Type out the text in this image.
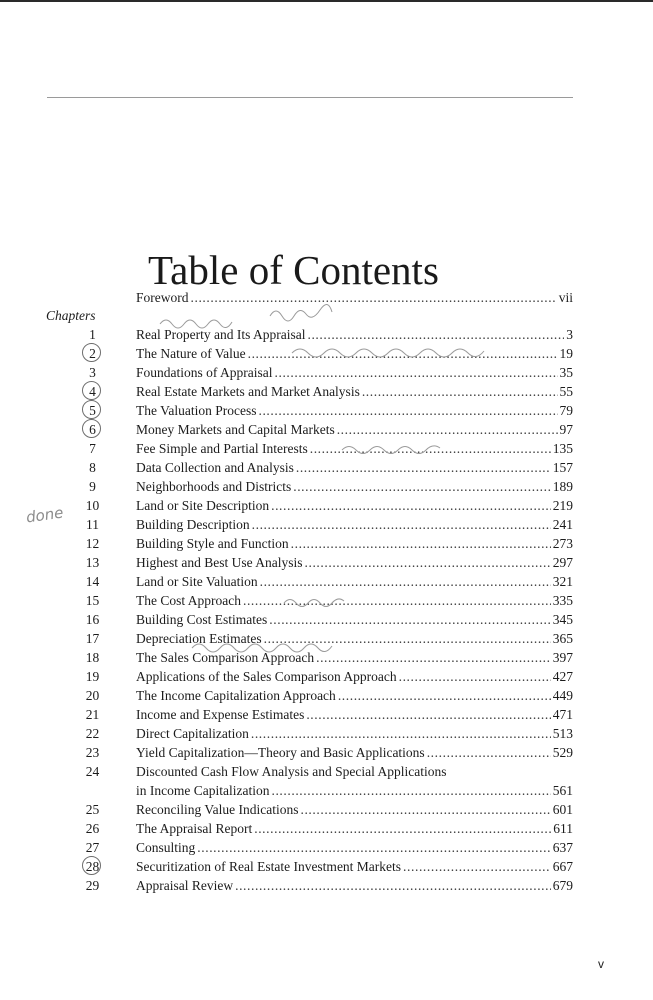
Table of Contents
Foreword .....	vii
Chapters
1	Real Property and Its Appraisal .....	3
2	The Nature of Value .....	19
3	Foundations of Appraisal .....	35
4	Real Estate Markets and Market Analysis .....	55
5	The Valuation Process .....	79
6	Money Markets and Capital Markets .....	97
7	Fee Simple and Partial Interests .....	135
8	Data Collection and Analysis .....	157
9	Neighborhoods and Districts .....	189
10	Land or Site Description .....	219
11	Building Description .....	241
12	Building Style and Function .....	273
13	Highest and Best Use Analysis .....	297
14	Land or Site Valuation .....	321
15	The Cost Approach .....	335
16	Building Cost Estimates .....	345
17	Depreciation Estimates .....	365
18	The Sales Comparison Approach .....	397
19	Applications of the Sales Comparison Approach .....	427
20	The Income Capitalization Approach .....	449
21	Income and Expense Estimates .....	471
22	Direct Capitalization .....	513
23	Yield Capitalization—Theory and Basic Applications .....	529
24	Discounted Cash Flow Analysis and Special Applications
in Income Capitalization .....	561
25	Reconciling Value Indications .....	601
26	The Appraisal Report .....	611
27	Consulting .....	637
28	Securitization of Real Estate Investment Markets .....	667
29	Appraisal Review .....	679
done
v
